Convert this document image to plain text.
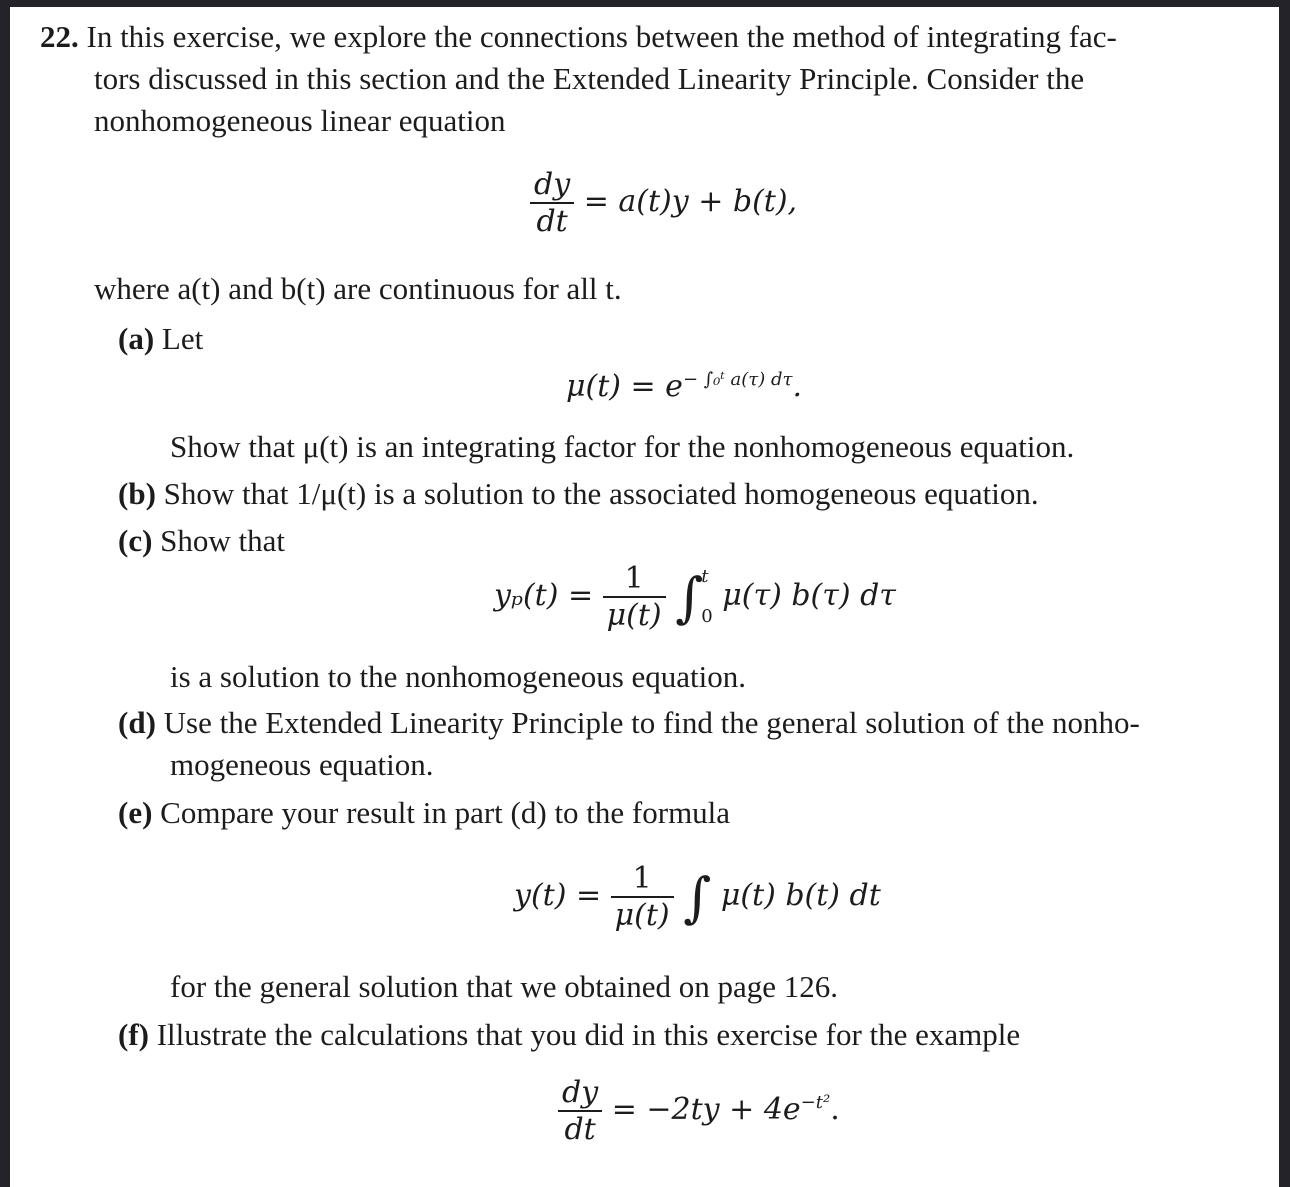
22. In this exercise, we explore the connections between the method of integrating fac-
tors discussed in this section and the Extended Linearity Principle. Consider the
nonhomogeneous linear equation
$\frac{dy}{dt} = a(t)y + b(t)$,
where a(t) and b(t) are continuous for all t.
(a) Let
$\mu(t) = e^{- \int_0ᵗ a(\tau) d\tau}$.
Show that μ(t) is an integrating factor for the nonhomogeneous equation.
(b) Show that 1/μ(t) is a solution to the associated homogeneous equation.
(c) Show that
$y_p(t) = \frac{1}{\mu(t)}$ ∫
t
0
μ(τ) b(τ) dτ
is a solution to the nonhomogeneous equation.
(d) Use the Extended Linearity Principle to find the general solution of the nonho-
mogeneous equation.
(e) Compare your result in part (d) to the formula
$y(t) = \frac{1}{\mu(t)}$ ∫ μ(t) b(t) dt
for the general solution that we obtained on page 126.
(f) Illustrate the calculations that you did in this exercise for the example
$\frac{dy}{dt} = -2ty + 4e^{-t^2}$.
